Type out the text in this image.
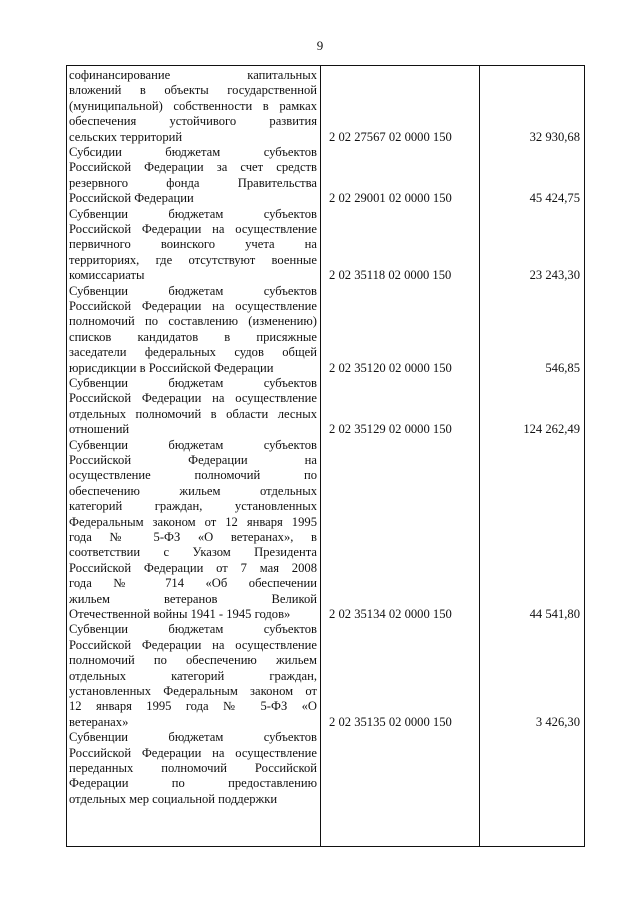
9
софинансирование капитальных
вложений в объекты государственной
(муниципальной) собственности в рамках
обеспечения устойчивого развития
сельских территорий	2 02 27567 02 0000 150	32 930,68
Субсидии бюджетам субъектов
Российской Федерации за счет средств
резервного фонда Правительства
Российской Федерации	2 02 29001 02 0000 150	45 424,75
Субвенции бюджетам субъектов
Российской Федерации на осуществление
первичного воинского учета на
территориях, где отсутствуют военные
комиссариаты	2 02 35118 02 0000 150	23 243,30
Субвенции бюджетам субъектов
Российской Федерации на осуществление
полномочий по составлению (изменению)
списков кандидатов в присяжные
заседатели федеральных судов общей
юрисдикции в Российской Федерации	2 02 35120 02 0000 150	546,85
Субвенции бюджетам субъектов
Российской Федерации на осуществление
отдельных полномочий в области лесных
отношений	2 02 35129 02 0000 150	124 262,49
Субвенции бюджетам субъектов
Российской Федерации на
осуществление полномочий по
обеспечению жильем отдельных
категорий граждан, установленных
Федеральным законом от 12 января 1995
года № 5-ФЗ «О ветеранах», в
соответствии с Указом Президента
Российской Федерации от 7 мая 2008
года № 714 «Об обеспечении
жильем ветеранов Великой
Отечественной войны 1941 - 1945 годов»	2 02 35134 02 0000 150	44 541,80
Субвенции бюджетам субъектов
Российской Федерации на осуществление
полномочий по обеспечению жильем
отдельных категорий граждан,
установленных Федеральным законом от
12 января 1995 года № 5-ФЗ «О
ветеранах»	2 02 35135 02 0000 150	3 426,30
Субвенции бюджетам субъектов
Российской Федерации на осуществление
переданных полномочий Российской
Федерации по предоставлению
отдельных мер социальной поддержки
